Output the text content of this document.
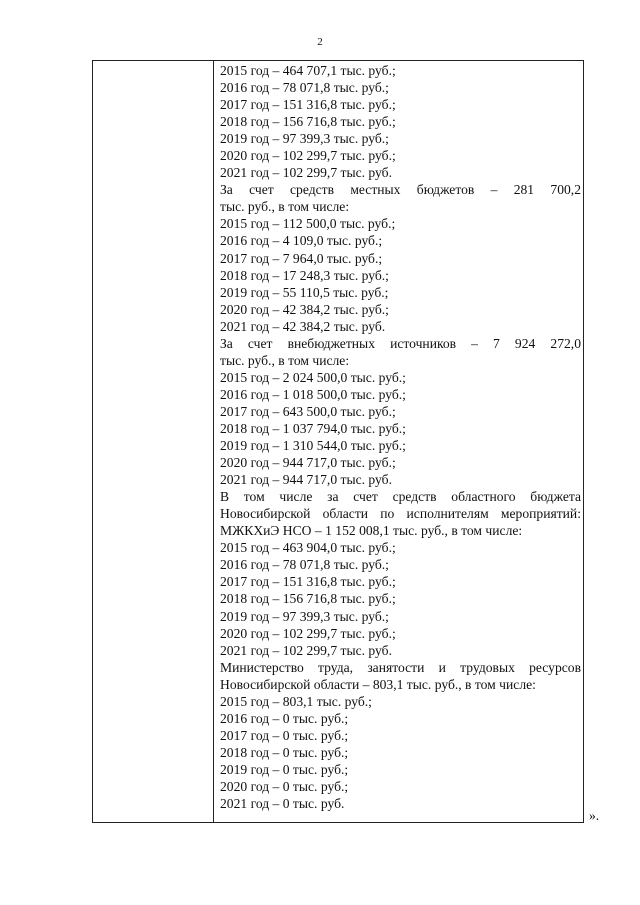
2
2015 год – 464 707,1 тыс. руб.;
2016 год – 78 071,8 тыс. руб.;
2017 год – 151 316,8 тыс. руб.;
2018 год – 156 716,8 тыс. руб.;
2019 год – 97 399,3 тыс. руб.;
2020 год – 102 299,7 тыс. руб.;
2021 год – 102 299,7 тыс. руб.
За счет средств местных бюджетов – 281 700,2
тыс. руб., в том числе:
2015 год – 112 500,0 тыс. руб.;
2016 год – 4 109,0 тыс. руб.;
2017 год – 7 964,0 тыс. руб.;
2018 год – 17 248,3 тыс. руб.;
2019 год – 55 110,5 тыс. руб.;
2020 год – 42 384,2 тыс. руб.;
2021 год – 42 384,2 тыс. руб.
За счет внебюджетных источников – 7 924 272,0
тыс. руб., в том числе:
2015 год – 2 024 500,0 тыс. руб.;
2016 год – 1 018 500,0 тыс. руб.;
2017 год – 643 500,0 тыс. руб.;
2018 год – 1 037 794,0 тыс. руб.;
2019 год – 1 310 544,0 тыс. руб.;
2020 год – 944 717,0 тыс. руб.;
2021 год – 944 717,0 тыс. руб.
В том числе за счет средств областного бюджета
Новосибирской области по исполнителям мероприятий:
МЖКХиЭ НСО – 1 152 008,1 тыс. руб., в том числе:
2015 год – 463 904,0 тыс. руб.;
2016 год – 78 071,8 тыс. руб.;
2017 год – 151 316,8 тыс. руб.;
2018 год – 156 716,8 тыс. руб.;
2019 год – 97 399,3 тыс. руб.;
2020 год – 102 299,7 тыс. руб.;
2021 год – 102 299,7 тыс. руб.
Министерство труда, занятости и трудовых ресурсов
Новосибирской области – 803,1 тыс. руб., в том числе:
2015 год – 803,1 тыс. руб.;
2016 год – 0 тыс. руб.;
2017 год – 0 тыс. руб.;
2018 год – 0 тыс. руб.;
2019 год – 0 тыс. руб.;
2020 год – 0 тыс. руб.;
2021 год – 0 тыс. руб.
».
